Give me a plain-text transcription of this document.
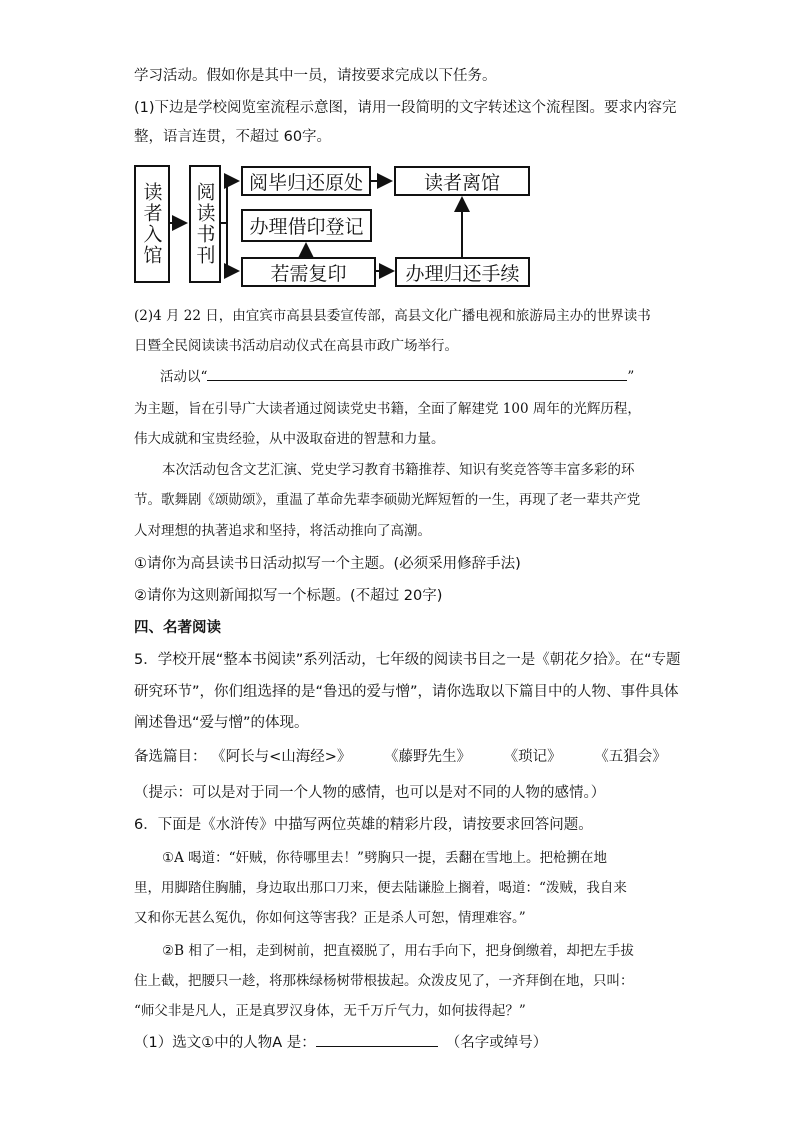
学习活动。假如你是其中一员，请按要求完成以下任务。
(1)下边是学校阅览室流程示意图，请用一段简明的文字转述这个流程图。要求内容完
整，语言连贯，不超过 60字。
读者入馆 阅读书刊 阅毕归还原处	读者离馆
办理借印登记
若需复印	办理归还手续
(2)4 月 22 日，由宜宾市高县县委宣传部，高县文化广播电视和旅游局主办的世界读书
日暨全民阅读读书活动启动仪式在高县市政广场举行。
活动以“	”
为主题，旨在引导广大读者通过阅读党史书籍，全面了解建党 100 周年的光辉历程，
伟大成就和宝贵经验，从中汲取奋进的智慧和力量。
本次活动包含文艺汇演、党史学习教育书籍推荐、知识有奖竞答等丰富多彩的环
节。歌舞剧《颂勋颂》，重温了革命先辈李硕勋光辉短暂的一生，再现了老一辈共产党
人对理想的执著追求和坚持，将活动推向了高潮。
①请你为高县读书日活动拟写一个主题。(必须采用修辞手法)
②请你为这则新闻拟写一个标题。(不超过 20字)
四、名著阅读
5．学校开展“整本书阅读”系列活动，七年级的阅读书目之一是《朝花夕拾》。在“专题
研究环节”，你们组选择的是“鲁迅的爱与憎”，请你选取以下篇目中的人物、事件具体
阐述鲁迅“爱与憎”的体现。
备选篇目： 《阿长与<山海经>》 《藤野先生》 《琐记》 《五猖会》
（提示：可以是对于同一个人物的感情，也可以是对不同的人物的感情。）
6．下面是《水浒传》中描写两位英雄的精彩片段，请按要求回答问题。
①A 喝道：“奸贼，你待哪里去！”劈胸只一提，丢翻在雪地上。把枪搠在地
里，用脚踏住胸脯，身边取出那口刀来，便去陆谦脸上搁着，喝道：“泼贼，我自来
又和你无甚么冤仇，你如何这等害我？正是杀人可恕，情理难容。”
②B 相了一相，走到树前，把直裰脱了，用右手向下，把身倒缴着，却把左手拔
住上截，把腰只一趁，将那株绿杨树带根拔起。众泼皮见了，一齐拜倒在地，只叫：
“师父非是凡人，正是真罗汉身体，无千万斤气力，如何拔得起？”
（1）选文①中的人物A 是：	（名字或绰号）
